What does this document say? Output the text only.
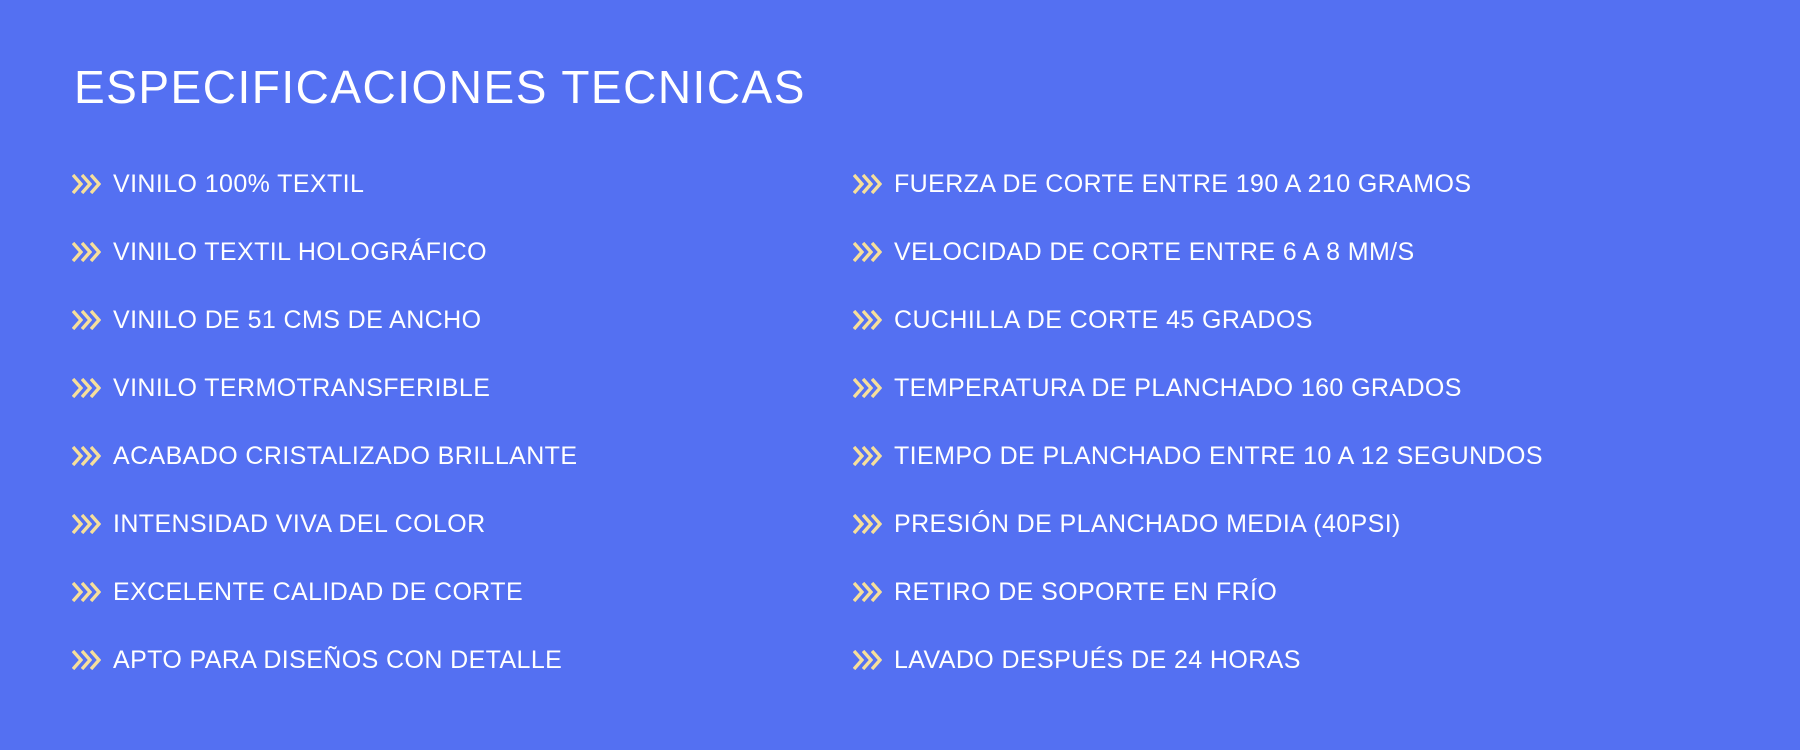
ESPECIFICACIONES TECNICAS
VINILO 100% TEXTIL
VINILO TEXTIL HOLOGRÁFICO
VINILO DE 51 CMS DE ANCHO
VINILO TERMOTRANSFERIBLE
ACABADO CRISTALIZADO BRILLANTE
INTENSIDAD VIVA DEL COLOR
EXCELENTE CALIDAD DE CORTE
APTO PARA DISEÑOS CON DETALLE
FUERZA DE CORTE ENTRE 190 A 210 GRAMOS
VELOCIDAD DE CORTE ENTRE 6 A 8 MM/S
CUCHILLA DE CORTE 45 GRADOS
TEMPERATURA DE PLANCHADO 160 GRADOS
TIEMPO DE PLANCHADO ENTRE 10 A 12 SEGUNDOS
PRESIÓN DE PLANCHADO MEDIA (40PSI)
RETIRO DE SOPORTE EN FRÍO
LAVADO DESPUÉS DE 24 HORAS
